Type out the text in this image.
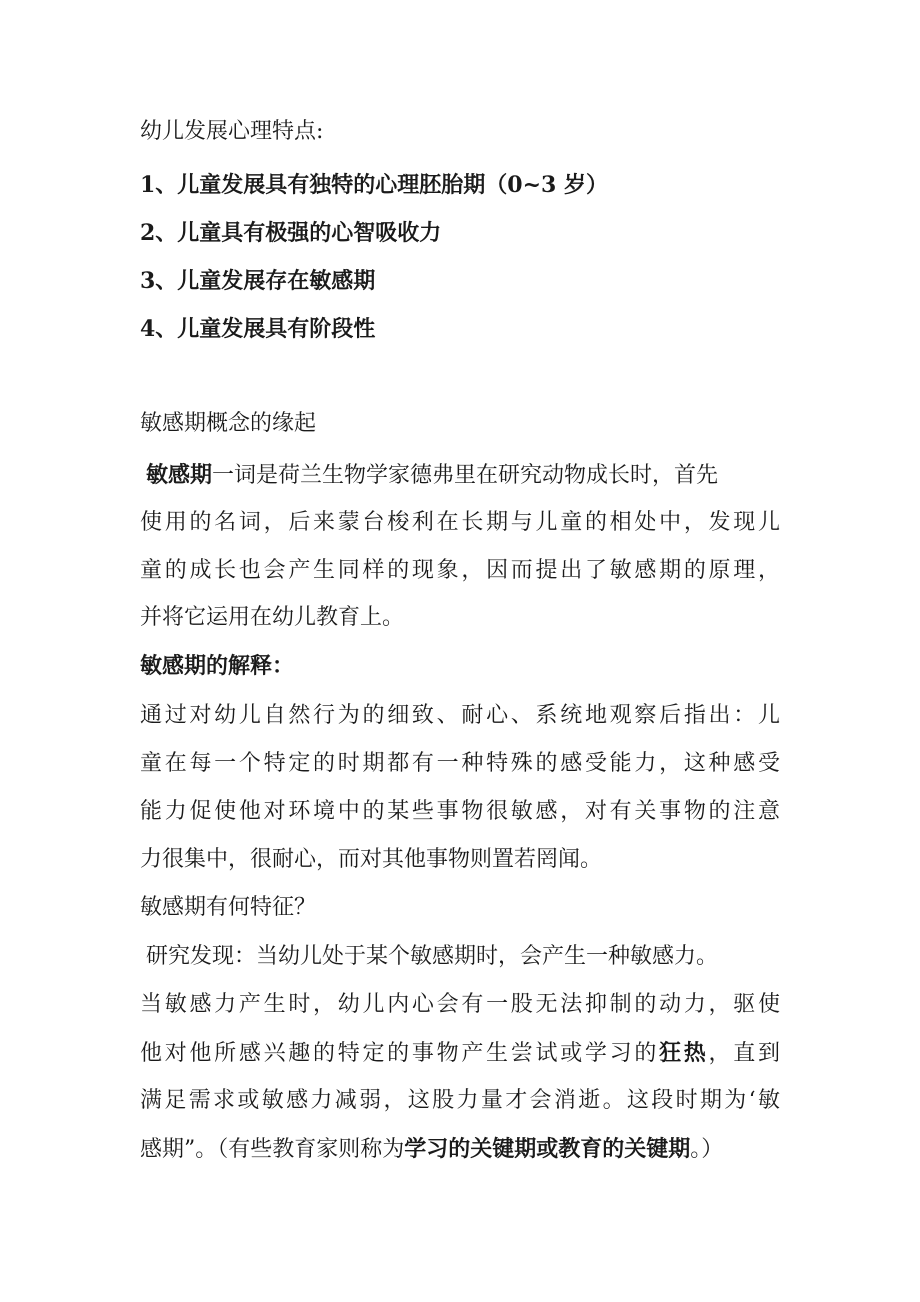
幼儿发展心理特点:
1、儿童发展具有独特的心理胚胎期（0~3 岁）
2、儿童具有极强的心智吸收力
3、儿童发展存在敏感期
4、儿童发展具有阶段性
敏感期概念的缘起
敏感期一词是荷兰生物学家德弗里在研究动物成长时，首先
使用的名词，后来蒙台梭利在长期与儿童的相处中，发现儿
童的成长也会产生同样的现象，因而提出了敏感期的原理，
并将它运用在幼儿教育上。
敏感期的解释：
通过对幼儿自然行为的细致、耐心、系统地观察后指出：儿
童在每一个特定的时期都有一种特殊的感受能力，这种感受
能力促使他对环境中的某些事物很敏感，对有关事物的注意
力很集中，很耐心，而对其他事物则置若罔闻。
敏感期有何特征？
研究发现：当幼儿处于某个敏感期时，会产生一种敏感力。
当敏感力产生时，幼儿内心会有一股无法抑制的动力，驱使
他对他所感兴趣的特定的事物产生尝试或学习的狂热，直到
满足需求或敏感力减弱，这股力量才会消逝。这段时期为‘敏
感期”。（有些教育家则称为学习的关键期或教育的关键期。）
